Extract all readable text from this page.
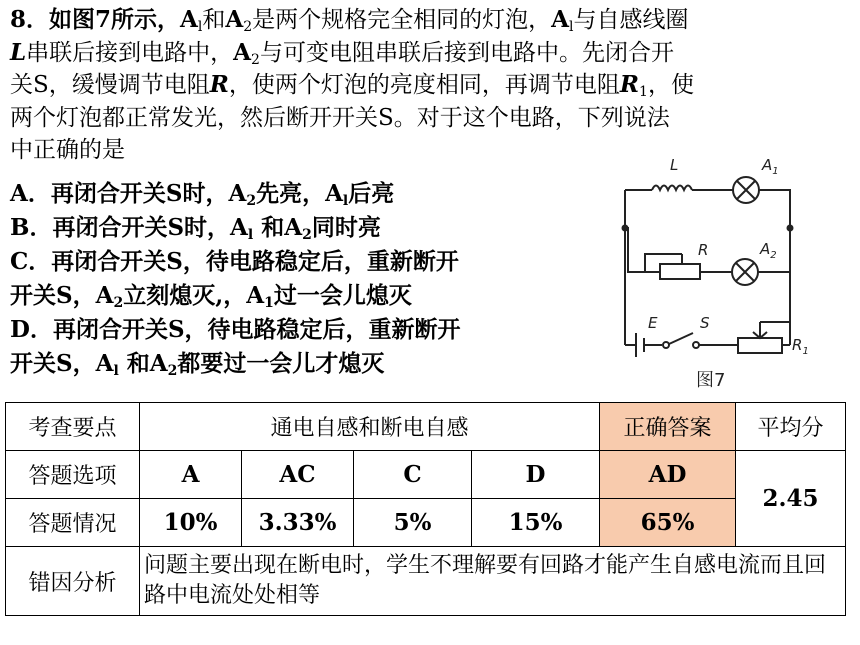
8．如图7所示，$A_l$和$A_2$是两个规格完全相同的灯泡，$A_l$与自感线圈
L串联后接到电路中，$A_2$与可变电阻串联后接到电路中。先闭合开
关S，缓慢调节电阻R，使两个灯泡的亮度相同，再调节电阻$R_1$，使
两个灯泡都正常发光，然后断开开关S。对于这个电路，下列说法
中正确的是
A．再闭合开关S时，$A_2$先亮，$A_l$后亮
B．再闭合开关S时，$A_l$ 和$A_2$同时亮
C．再闭合开关S，待电路稳定后，重新断开
开关S，$A_2$立刻熄灭,，$A_1$过一会儿熄灭
D．再闭合开关S，待电路稳定后，重新断开
开关S，$A_l$ 和$A_2$都要过一会儿才熄灭
L	$A_1$
R	$A_2$
E	S
$R_1$
图7
考查要点	通电自感和断电自感				正确答案	平均分
答题选项	A	AC	C	D	AD	2.45
答题情况	10%	3.33%	5%	15%	65%	
错因分析	问题主要出现在断电时，学生不理解要有回路才能产生自感电流而且回路中电流处处相等					
